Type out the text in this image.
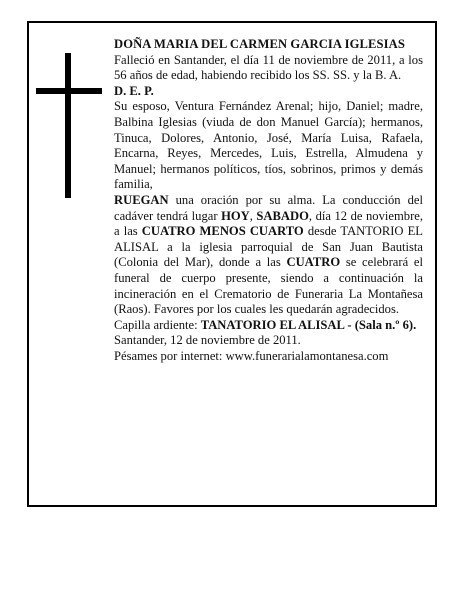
DOÑA MARIA DEL CARMEN GARCIA IGLESIAS

Falleció en Santander, el día 11 de noviembre de 2011, a los 56 años de edad, habiendo recibido los SS. SS. y la B. A.

D. E. P.

Su esposo, Ventura Fernández Arenal; hijo, Daniel; madre, Balbina Iglesias (viuda de don Manuel García); hermanos, Tinuca, Dolores, Antonio, José, María Luisa, Rafaela, Encarna, Reyes, Mercedes, Luis, Estrella, Almudena y Manuel; hermanos políticos, tíos, sobrinos, primos y demás familia,

RUEGAN una oración por su alma. La conducción del cadáver tendrá lugar HOY, SABADO, día 12 de noviembre, a las CUATRO MENOS CUARTO desde TANTORIO EL ALISAL a la iglesia parroquial de San Juan Bautista (Colonia del Mar), donde a las CUATRO se celebrará el funeral de cuerpo presente, siendo a continuación la incineración en el Crematorio de Funeraria La Montañesa (Raos). Favores por los cuales les quedarán agradecidos.

Capilla ardiente: TANATORIO EL ALISAL - (Sala n.º 6).

Santander, 12 de noviembre de 2011.

Pésames por internet: www.funerarialamontanesa.com
